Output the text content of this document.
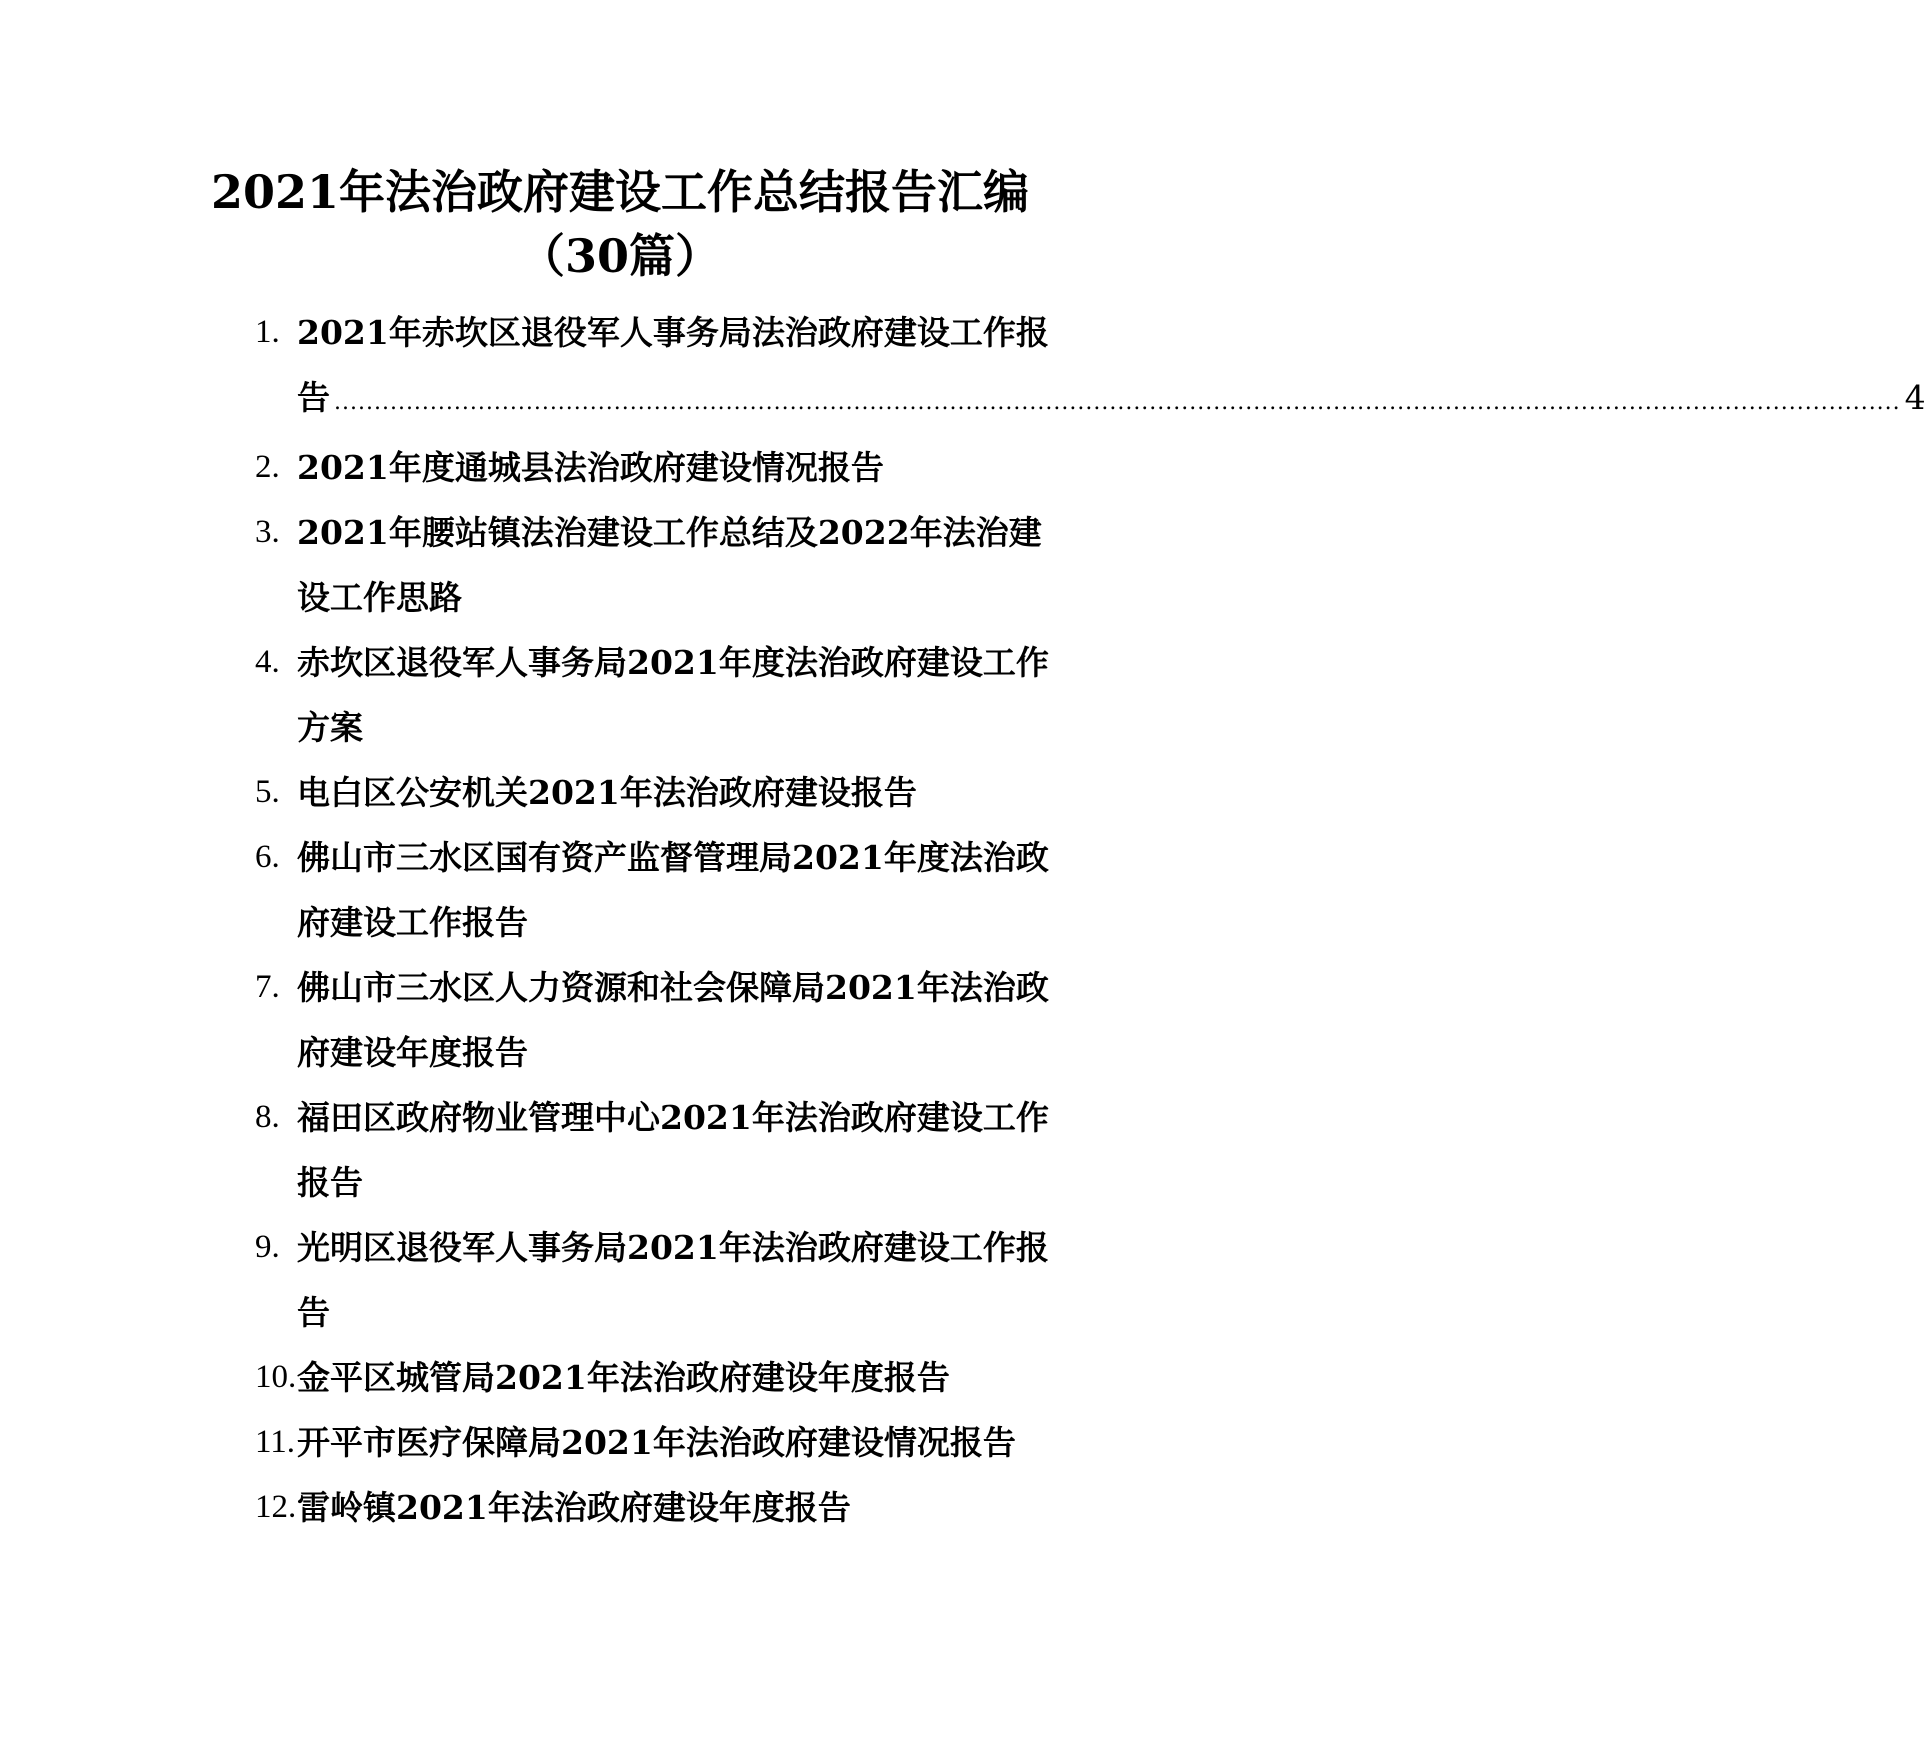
2021年法治政府建设工作总结报告汇编（30篇）
1. 2021年赤坎区退役军人事务局法治政府建设工作报
告 .................................................................................................................................................................................................... 4
2. 2021年度通城县法治政府建设情况报告
3. 2021年腰站镇法治建设工作总结及2022年法治建设工作思路
4. 赤坎区退役军人事务局2021年度法治政府建设工作方案
5. 电白区公安机关2021年法治政府建设报告
6. 佛山市三水区国有资产监督管理局2021年度法治政府建设工作报告
7. 佛山市三水区人力资源和社会保障局2021年法治政府建设年度报告
8. 福田区政府物业管理中心2021年法治政府建设工作报告
9. 光明区退役军人事务局2021年法治政府建设工作报告
10. 金平区城管局2021年法治政府建设年度报告
11. 开平市医疗保障局2021年法治政府建设情况报告
12. 雷岭镇2021年法治政府建设年度报告
